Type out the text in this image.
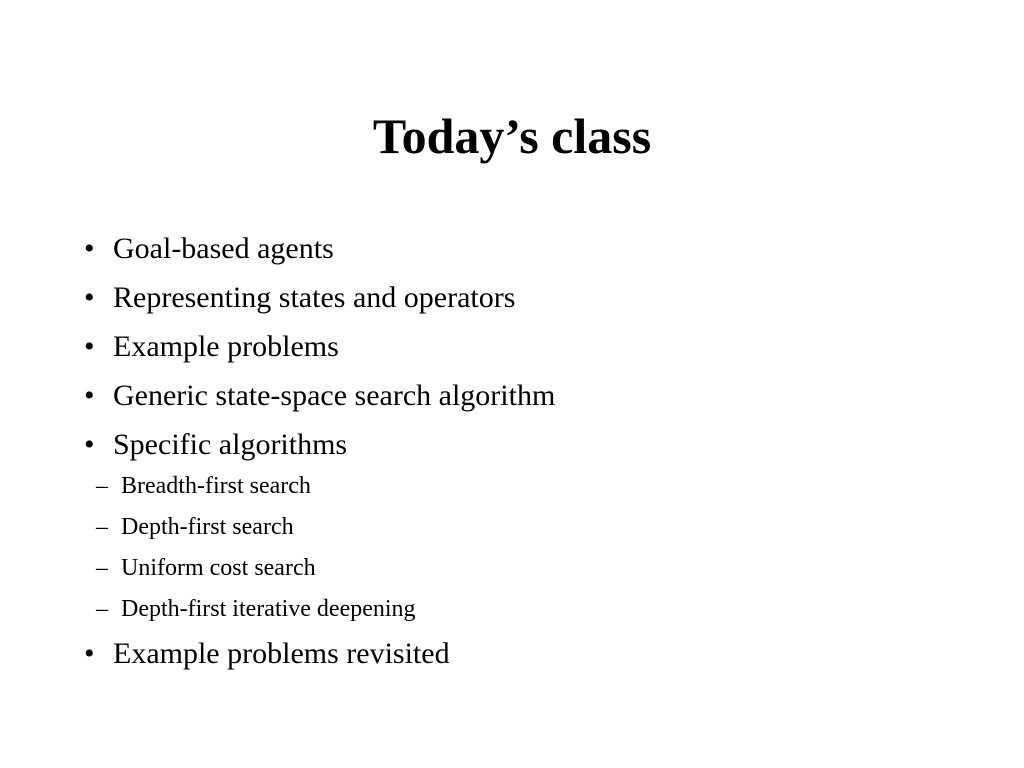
Today’s class
• Goal-based agents
• Representing states and operators
• Example problems
• Generic state-space search algorithm
• Specific algorithms
– Breadth-first search
– Depth-first search
– Uniform cost search
– Depth-first iterative deepening
• Example problems revisited
